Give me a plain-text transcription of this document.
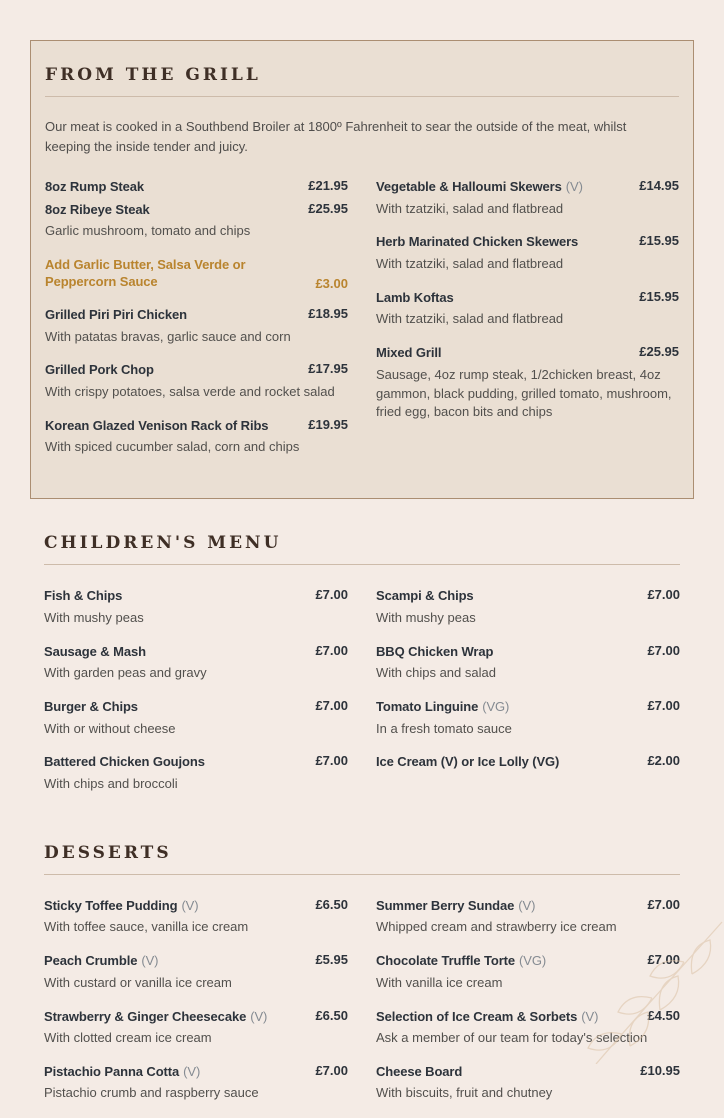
FROM THE GRILL
Our meat is cooked in a Southbend Broiler at 1800º Fahrenheit to sear the outside of the meat, whilst keeping the inside tender and juicy.
8oz Rump Steak	£21.95
8oz Ribeye Steak	£25.95
Garlic mushroom, tomato and chips
Add Garlic Butter, Salsa Verde or Peppercorn Sauce	£3.00
Grilled Piri Piri Chicken	£18.95
With patatas bravas, garlic sauce and corn
Grilled Pork Chop	£17.95
With crispy potatoes, salsa verde and rocket salad
Korean Glazed Venison Rack of Ribs	£19.95
With spiced cucumber salad, corn and chips
Vegetable & Halloumi Skewers (V)	£14.95
With tzatziki, salad and flatbread
Herb Marinated Chicken Skewers	£15.95
With tzatziki, salad and flatbread
Lamb Koftas	£15.95
With tzatziki, salad and flatbread
Mixed Grill	£25.95
Sausage, 4oz rump steak, 1/2chicken breast, 4oz gammon, black pudding, grilled tomato, mushroom, fried egg, bacon bits and chips
CHILDREN'S MENU
Fish & Chips	£7.00
With mushy peas
Sausage & Mash	£7.00
With garden peas and gravy
Burger & Chips	£7.00
With or without cheese
Battered Chicken Goujons	£7.00
With chips and broccoli
Scampi & Chips	£7.00
With mushy peas
BBQ Chicken Wrap	£7.00
With chips and salad
Tomato Linguine (VG)	£7.00
In a fresh tomato sauce
Ice Cream (V) or Ice Lolly (VG)	£2.00
DESSERTS
Sticky Toffee Pudding (V)	£6.50
With toffee sauce, vanilla ice cream
Peach Crumble (V)	£5.95
With custard or vanilla ice cream
Strawberry & Ginger Cheesecake (V)	£6.50
With clotted cream ice cream
Pistachio Panna Cotta (V)	£7.00
Pistachio crumb and raspberry sauce
Summer Berry Sundae (V)	£7.00
Whipped cream and strawberry ice cream
Chocolate Truffle Torte (VG)	£7.00
With vanilla ice cream
Selection of Ice Cream & Sorbets (V)	£4.50
Ask a member of our team for today's selection
Cheese Board	£10.95
With biscuits, fruit and chutney
